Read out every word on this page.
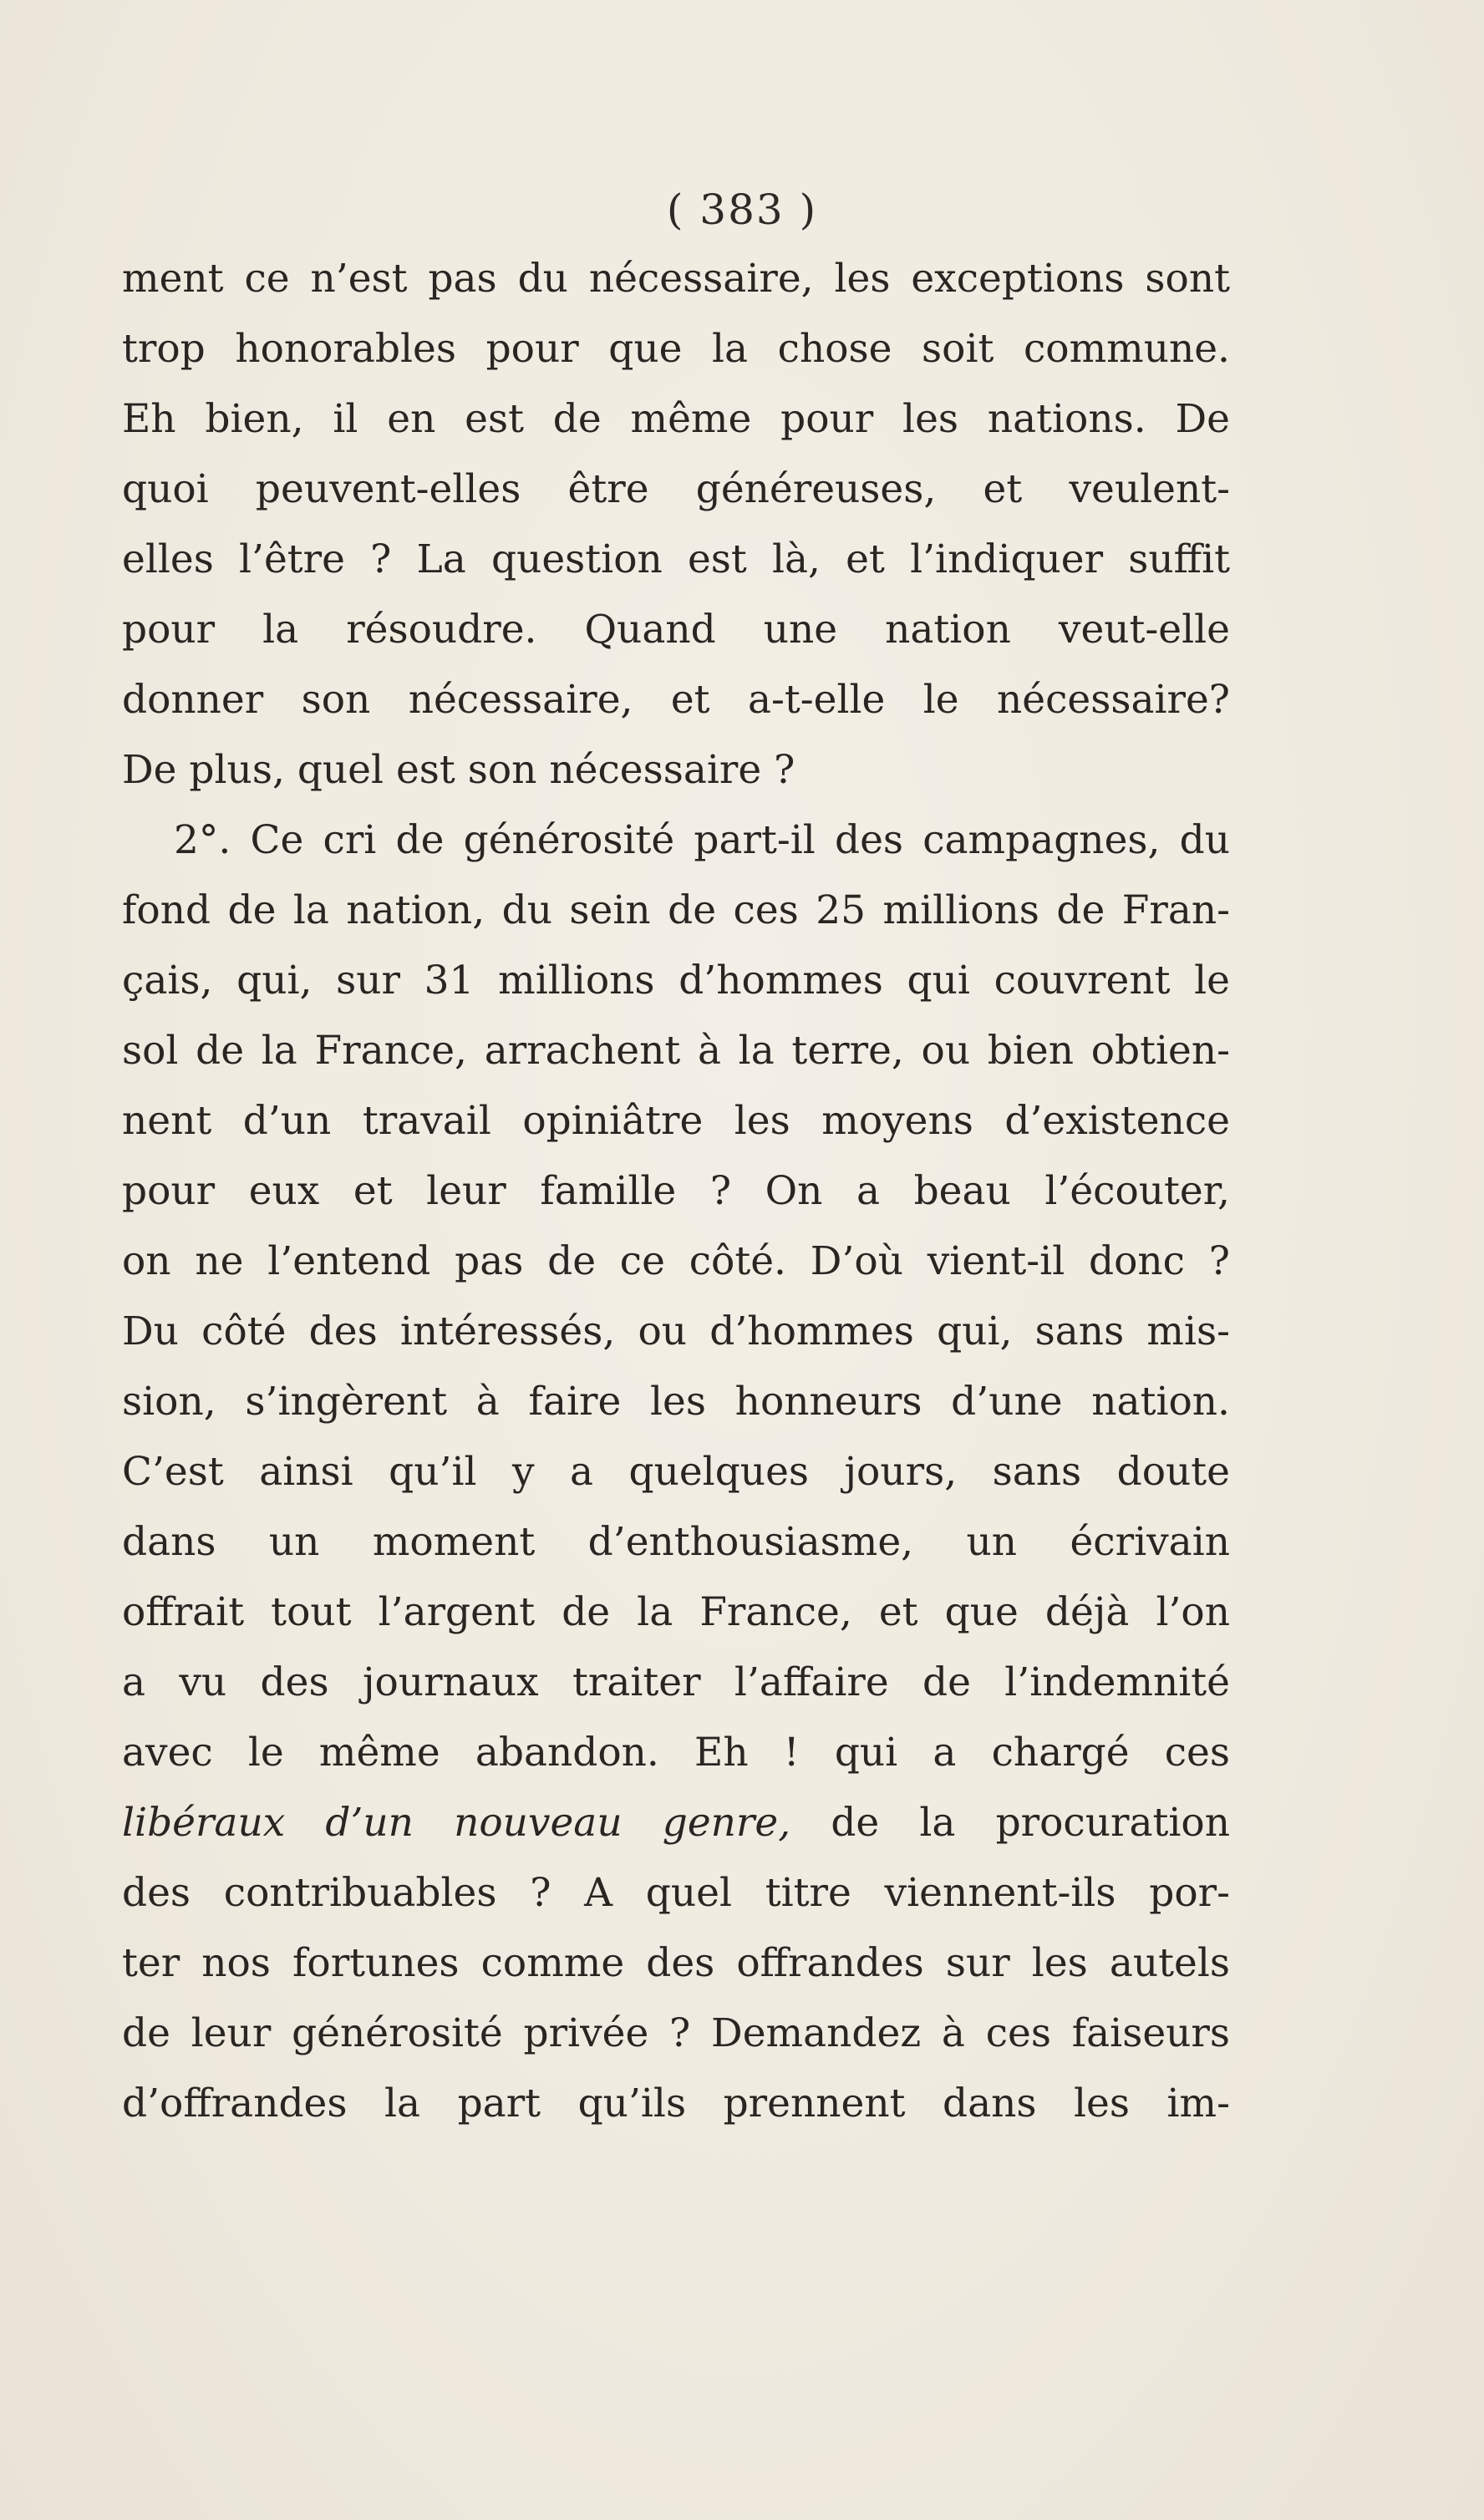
( 383 )
ment ce n’est pas du nécessaire, les exceptions sont
trop honorables pour que la chose soit commune.
Eh bien, il en est de même pour les nations. De
quoi peuvent-elles être généreuses, et veulent-
elles l’être ? La question est là, et l’indiquer suffit
pour la résoudre. Quand une nation veut-elle
donner son nécessaire, et a-t-elle le nécessaire?
De plus, quel est son nécessaire ?
2°. Ce cri de générosité part-il des campagnes, du
fond de la nation, du sein de ces 25 millions de Fran-
çais, qui, sur 31 millions d’hommes qui couvrent le
sol de la France, arrachent à la terre, ou bien obtien-
nent d’un travail opiniâtre les moyens d’existence
pour eux et leur famille ? On a beau l’écouter,
on ne l’entend pas de ce côté. D’où vient-il donc ?
Du côté des intéressés, ou d’hommes qui, sans mis-
sion, s’ingèrent à faire les honneurs d’une nation.
C’est ainsi qu’il y a quelques jours, sans doute
dans un moment d’enthousiasme, un écrivain
offrait tout l’argent de la France, et que déjà l’on
a vu des journaux traiter l’affaire de l’indemnité
avec le même abandon. Eh ! qui a chargé ces
libéraux d’un nouveau genre, de la procuration
des contribuables ? A quel titre viennent-ils por-
ter nos fortunes comme des offrandes sur les autels
de leur générosité privée ? Demandez à ces faiseurs
d’offrandes la part qu’ils prennent dans les im-
